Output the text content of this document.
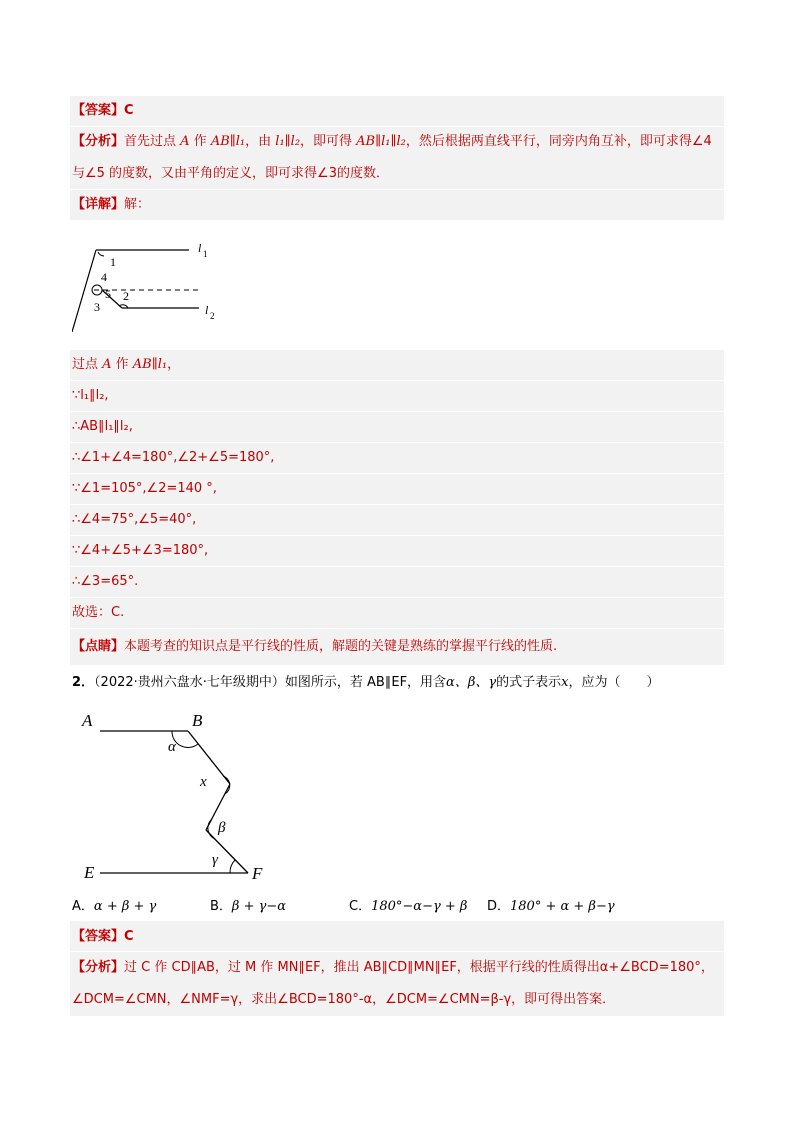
【答案】C
【分析】首先过点 A 作 AB∥l₁，由 l₁∥l₂，即可得 AB∥l₁∥l₂，然后根据两直线平行，同旁内角互补，即可求得∠4
与∠5 的度数，又由平角的定义，即可求得∠3的度数．
【详解】解：
1
4
5 2
3
l 1
l 2
过点 A 作 AB∥l₁，
∵l₁∥l₂,
∴AB∥l₁∥l₂,
∴∠1+∠4=180°,∠2+∠5=180°,
∵∠1=105°,∠2=140 °,
∴∠4=75°,∠5=40°,
∵∠4+∠5+∠3=180°,
∴∠3=65°.
故选：C.
【点睛】本题考查的知识点是平行线的性质，解题的关键是熟练的掌握平行线的性质.
2．（2022·贵州六盘水·七年级期中）如图所示，若 AB∥EF，用含α、β、γ的式子表示x，应为（　　）
A	B
α
x
β
γ
E	F
A．α + β + γ	B．β + γ−α	C．180°−α−γ + β D．180° + α + β−γ
【答案】C
【分析】过 C 作 CD∥AB，过 M 作 MN∥EF，推出 AB∥CD∥MN∥EF，根据平行线的性质得出α+∠BCD=180°，
∠DCM=∠CMN，∠NMF=γ，求出∠BCD=180°-α，∠DCM=∠CMN=β-γ，即可得出答案．
